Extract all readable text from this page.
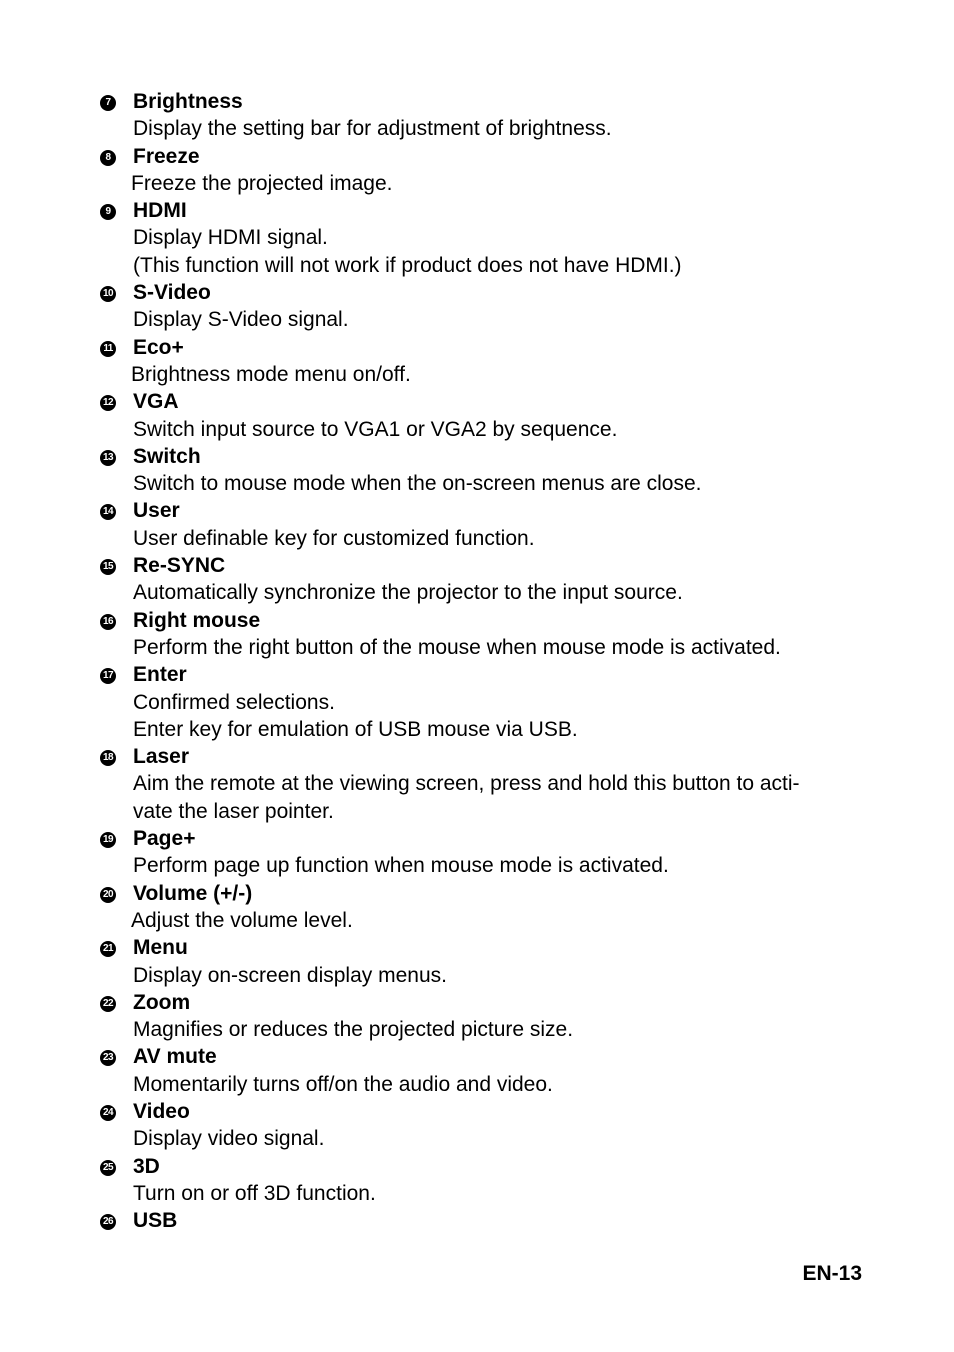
7 Brightness
Display the setting bar for adjustment of brightness.
8 Freeze
Freeze the projected image.
9 HDMI
Display HDMI signal.
(This function will not work if product does not have HDMI.)
10 S-Video
Display S-Video signal.
11 Eco+
Brightness mode menu on/off.
12 VGA
Switch input source to VGA1 or VGA2 by sequence.
13 Switch
Switch to mouse mode when the on-screen menus are close.
14 User
User definable key for customized function.
15 Re-SYNC
Automatically synchronize the projector to the input source.
16 Right mouse
Perform the right button of the mouse when mouse mode is activated.
17 Enter
Confirmed selections.
Enter key for emulation of USB mouse via USB.
18 Laser
Aim the remote at the viewing screen, press and hold this button to acti-
vate the laser pointer.
19 Page+
Perform page up function when mouse mode is activated.
20 Volume (+/-)
Adjust the volume level.
21 Menu
Display on-screen display menus.
22 Zoom
Magnifies or reduces the projected picture size.
23 AV mute
Momentarily turns off/on the audio and video.
24 Video
Display video signal.
25 3D
Turn on or off 3D function.
26 USB
EN-13
